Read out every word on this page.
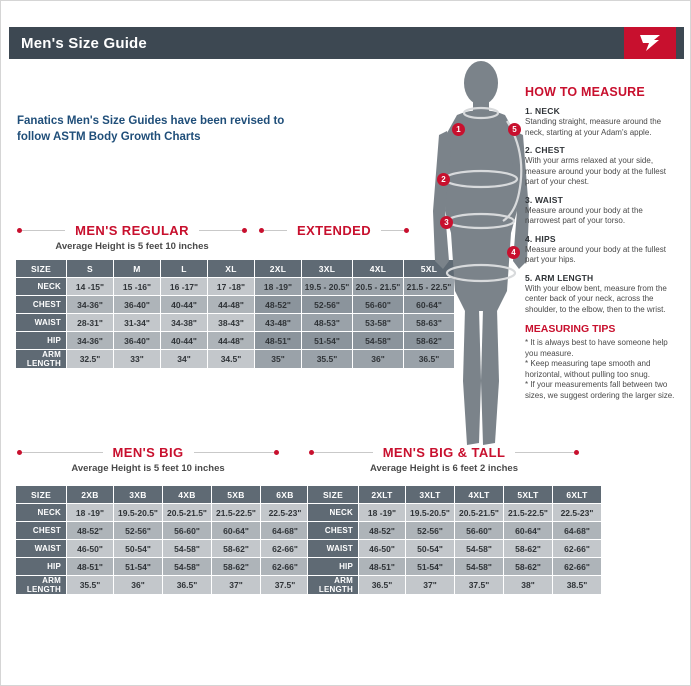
Men's Size Guide
Fanatics Men's Size Guides have been revised to follow ASTM Body Growth Charts
MEN'S REGULAR
Average Height is 5 feet 10 inches
EXTENDED
SIZE	S	M	L	XL	2XL	3XL	4XL	5XL
NECK	14 -15"	15 -16"	16 -17"	17 -18"	18 -19"	19.5 - 20.5"	20.5 - 21.5"	21.5 - 22.5"
CHEST	34-36"	36-40"	40-44"	44-48"	48-52"	52-56"	56-60"	60-64"
WAIST	28-31"	31-34"	34-38"	38-43"	43-48"	48-53"	53-58"	58-63"
HIP	34-36"	36-40"	40-44"	44-48"	48-51"	51-54"	54-58"	58-62"
ARM LENGTH	32.5"	33"	34"	34.5"	35"	35.5"	36"	36.5"
MEN'S BIG
Average Height is 5 feet 10 inches
MEN'S BIG & TALL
Average Height is 6 feet 2 inches
SIZE	2XB	3XB	4XB	5XB	6XB
NECK	18 -19"	19.5-20.5"	20.5-21.5"	21.5-22.5"	22.5-23"
CHEST	48-52"	52-56"	56-60"	60-64"	64-68"
WAIST	46-50"	50-54"	54-58"	58-62"	62-66"
HIP	48-51"	51-54"	54-58"	58-62"	62-66"
ARM LENGTH	35.5"	36"	36.5"	37"	37.5"
SIZE	2XLT	3XLT	4XLT	5XLT	6XLT
NECK	18 -19"	19.5-20.5"	20.5-21.5"	21.5-22.5"	22.5-23"
CHEST	48-52"	52-56"	56-60"	60-64"	64-68"
WAIST	46-50"	50-54"	54-58"	58-62"	62-66"
HIP	48-51"	51-54"	54-58"	58-62"	62-66"
ARM LENGTH	36.5"	37"	37.5"	38"	38.5"
1
2
3
4
5
HOW TO MEASURE
1. NECK
Standing straight, measure around the neck, starting at your Adam's apple.
2. CHEST
With your arms relaxed at your side, measure around your body at the fullest part of your chest.
3. WAIST
Measure around your body at the narrowest part of your torso.
4. HIPS
Measure around your body at the fullest part your hips.
5. ARM LENGTH
With your elbow bent, measure from the center back of your neck, across the shoulder, to the elbow, then to the wrist.
MEASURING TIPS
* It is always best to have someone help you measure.
* Keep measuring tape smooth and horizontal, without pulling too snug.
* If your measurements fall between two sizes, we suggest ordering the larger size.
